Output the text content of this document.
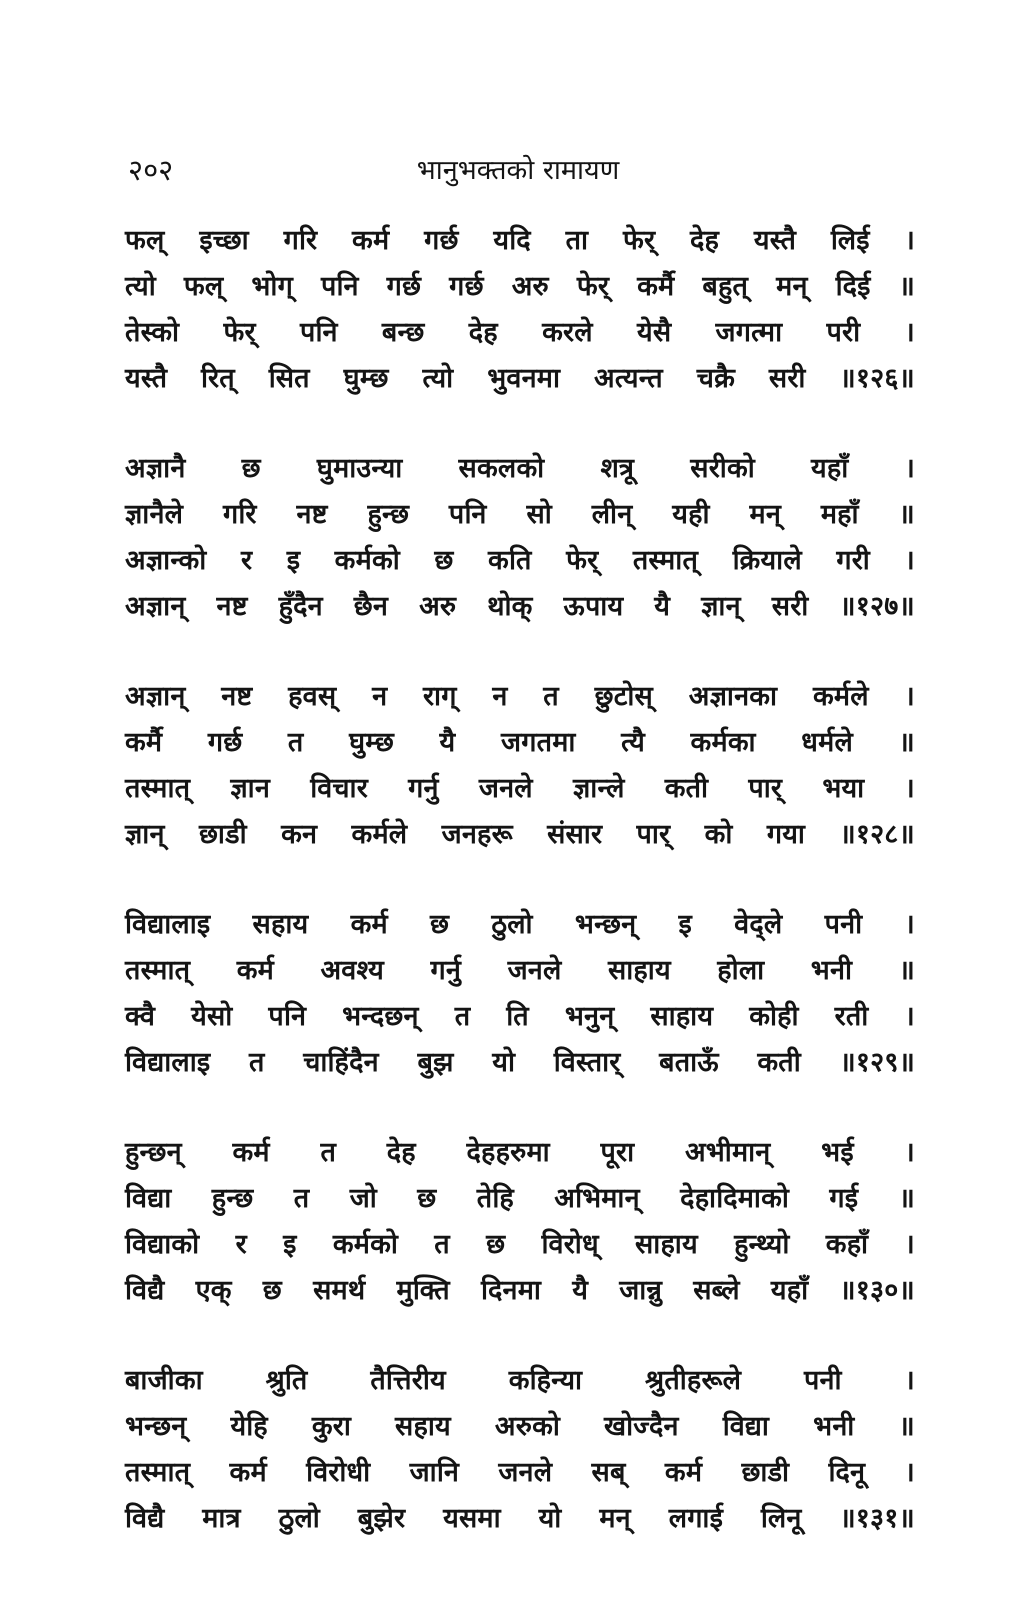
२०२	भानुभक्तको रामायण
फल् इच्छा गरि कर्म गर्छ यदि ता फेर् देह यस्तै लिई ।
त्यो फल् भोग् पनि गर्छ गर्छ अरु फेर् कर्मै बहुत् मन् दिई ॥
तेस्को फेर् पनि बन्छ देह करले येसै जगत्मा परी ।
यस्तै रित् सित घुम्छ त्यो भुवनमा अत्यन्त चक्रै सरी ॥१२६॥
अज्ञानै छ घुमाउन्या सकलको शत्रू सरीको यहाँ ।
ज्ञानैले गरि नष्ट हुन्छ पनि सो लीन् यही मन् महाँ ॥
अज्ञान्को र इ कर्मको छ कति फेर् तस्मात् क्रियाले गरी ।
अज्ञान् नष्ट हुँदैन छैन अरु थोक् ऊपाय यै ज्ञान् सरी ॥१२७॥
अज्ञान् नष्ट हवस् न राग् न त छुटोस् अज्ञानका कर्मले ।
कर्मै गर्छ त घुम्छ यै जगतमा त्यै कर्मका धर्मले ॥
तस्मात् ज्ञान विचार गर्नु जनले ज्ञान्ले कती पार् भया ।
ज्ञान् छाडी कन कर्मले जनहरू संसार पार् को गया ॥१२८॥
विद्यालाइ सहाय कर्म छ ठुलो भन्छन् इ वेद्ले पनी ।
तस्मात् कर्म अवश्य गर्नु जनले साहाय होला भनी ॥
क्वै येसो पनि भन्दछन् त ति भनुन् साहाय कोही रती ।
विद्यालाइ त चाहिंदैन बुझ यो विस्तार् बताऊँ कती ॥१२९॥
हुन्छन् कर्म त देह देहहरुमा पूरा अभीमान् भई ।
विद्या हुन्छ त जो छ तेहि अभिमान् देहादिमाको गई ॥
विद्याको र इ कर्मको त छ विरोध् साहाय हुन्थ्यो कहाँ ।
विद्यै एक् छ समर्थ मुक्ति दिनमा यै जान्नु सब्ले यहाँ ॥१३०॥
बाजीका श्रुति तैत्तिरीय कहिन्या श्रुतीहरूले पनी ।
भन्छन् येहि कुरा सहाय अरुको खोज्दैन विद्या भनी ॥
तस्मात् कर्म विरोधी जानि जनले सब् कर्म छाडी दिनू ।
विद्यै मात्र ठुलो बुझेर यसमा यो मन् लगाई लिनू ॥१३१॥
